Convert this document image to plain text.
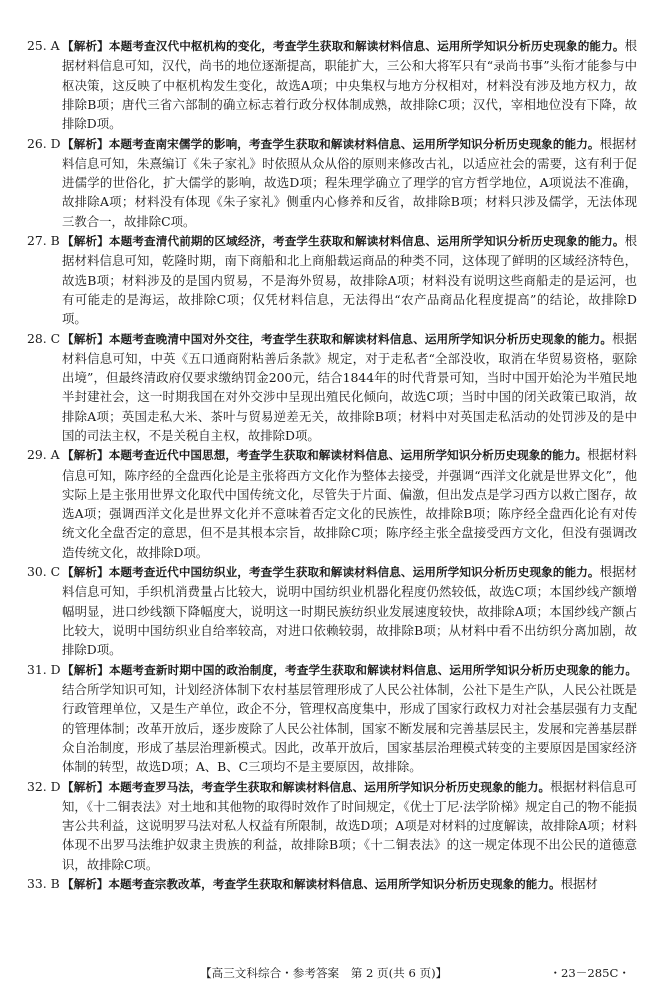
25. A 【解析】本题考查汉代中枢机构的变化，考查学生获取和解读材料信息、运用所学知识分析历史现象的能力。根据材料信息可知，汉代，尚书的地位逐渐提高，职能扩大，三公和大将军只有“录尚书事”头衔才能参与中枢决策，这反映了中枢机构发生变化，故选A项；中央集权与地方分权相对，材料没有涉及地方权力，故排除B项；唐代三省六部制的确立标志着行政分权体制成熟，故排除C项；汉代，宰相地位没有下降，故排除D项。
26. D 【解析】本题考查南宋儒学的影响，考查学生获取和解读材料信息、运用所学知识分析历史现象的能力。根据材料信息可知，朱熹编订《朱子家礼》时依照从众从俗的原则来修改古礼，以适应社会的需要，这有利于促进儒学的世俗化，扩大儒学的影响，故选D项；程朱理学确立了理学的官方哲学地位，A项说法不准确，故排除A项；材料没有体现《朱子家礼》侧重内心修养和反省，故排除B项；材料只涉及儒学，无法体现三教合一，故排除C项。
27. B 【解析】本题考查清代前期的区域经济，考查学生获取和解读材料信息、运用所学知识分析历史现象的能力。根据材料信息可知，乾隆时期，南下商船和北上商船载运商品的种类不同，这体现了鲜明的区域经济特色，故选B项；材料涉及的是国内贸易，不是海外贸易，故排除A项；材料没有说明这些商船走的是运河，也有可能走的是海运，故排除C项；仅凭材料信息，无法得出“农产品商品化程度提高”的结论，故排除D项。
28. C 【解析】本题考查晚清中国对外交往，考查学生获取和解读材料信息、运用所学知识分析历史现象的能力。根据材料信息可知，中英《五口通商附粘善后条款》规定，对于走私者“全部没收，取消在华贸易资格，驱除出境”，但最终清政府仅要求缴纳罚金200元，结合1844年的时代背景可知，当时中国开始沦为半殖民地半封建社会，这一时期我国在对外交涉中呈现出殖民化倾向，故选C项；当时中国的闭关政策已取消，故排除A项；英国走私大米、茶叶与贸易逆差无关，故排除B项；材料中对英国走私活动的处罚涉及的是中国的司法主权，不是关税自主权，故排除D项。
29. A 【解析】本题考查近代中国思想，考查学生获取和解读材料信息、运用所学知识分析历史现象的能力。根据材料信息可知，陈序经的全盘西化论是主张将西方文化作为整体去接受，并强调“西洋文化就是世界文化”，他实际上是主张用世界文化取代中国传统文化，尽管失于片面、偏激，但出发点是学习西方以救亡图存，故选A项；强调西洋文化是世界文化并不意味着否定文化的民族性，故排除B项；陈序经全盘西化论有对传统文化全盘否定的意思，但不是其根本宗旨，故排除C项；陈序经主张全盘接受西方文化，但没有强调改造传统文化，故排除D项。
30. C 【解析】本题考查近代中国纺织业，考查学生获取和解读材料信息、运用所学知识分析历史现象的能力。根据材料信息可知，手织机消费量占比较大，说明中国纺织业机器化程度仍然较低，故选C项；本国纱线产额增幅明显，进口纱线额下降幅度大，说明这一时期民族纺织业发展速度较快，故排除A项；本国纱线产额占比较大，说明中国纺织业自给率较高，对进口依赖较弱，故排除B项；从材料中看不出纺织分离加剧，故排除D项。
31. D 【解析】本题考查新时期中国的政治制度，考查学生获取和解读材料信息、运用所学知识分析历史现象的能力。结合所学知识可知，计划经济体制下农村基层管理形成了人民公社体制，公社下是生产队，人民公社既是行政管理单位，又是生产单位，政企不分，管理权高度集中，形成了国家行政权力对社会基层强有力支配的管理体制；改革开放后，逐步废除了人民公社体制，国家不断发展和完善基层民主，发展和完善基层群众自治制度，形成了基层治理新模式。因此，改革开放后，国家基层治理模式转变的主要原因是国家经济体制的转型，故选D项；A、B、C三项均不是主要原因，故排除。
32. D 【解析】本题考查罗马法，考查学生获取和解读材料信息、运用所学知识分析历史现象的能力。根据材料信息可知，《十二铜表法》对土地和其他物的取得时效作了时间规定，《优士丁尼·法学阶梯》规定自己的物不能损害公共利益，这说明罗马法对私人权益有所限制，故选D项；A项是对材料的过度解读，故排除A项；材料体现不出罗马法维护奴隶主贵族的利益，故排除B项；《十二铜表法》的这一规定体现不出公民的道德意识，故排除C项。
33. B 【解析】本题考查宗教改革，考查学生获取和解读材料信息、运用所学知识分析历史现象的能力。根据材
【高三文科综合・参考答案　第 2 页(共 6 页)】	・23－285C・
